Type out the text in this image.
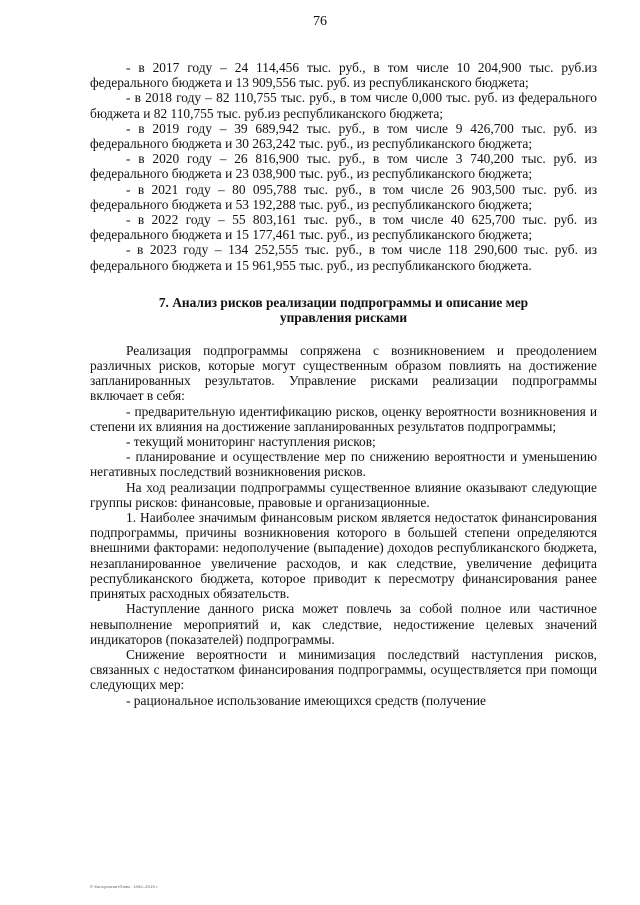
76

- в 2017 году – 24 114,456 тыс. руб., в том числе 10 204,900 тыс. руб.из федерального бюджета и 13 909,556 тыс. руб. из республиканского бюджета;

- в 2018 году – 82 110,755 тыс. руб., в том числе 0,000 тыс. руб. из федерального бюджета и 82 110,755 тыс. руб.из республиканского бюджета;

- в 2019 году – 39 689,942 тыс. руб., в том числе 9 426,700 тыс. руб. из федерального бюджета и 30 263,242 тыс. руб., из республиканского бюджета;

- в 2020 году – 26 816,900 тыс. руб., в том числе 3 740,200 тыс. руб. из федерального бюджета и 23 038,900 тыс. руб., из республиканского бюджета;

- в 2021 году – 80 095,788 тыс. руб., в том числе 26 903,500 тыс. руб. из федерального бюджета и 53 192,288 тыс. руб., из республиканского бюджета;

- в 2022 году – 55 803,161 тыс. руб., в том числе 40 625,700 тыс. руб. из федерального бюджета и 15 177,461 тыс. руб., из республиканского бюджета;

- в 2023 году – 134 252,555 тыс. руб., в том числе 118 290,600 тыс. руб. из федерального бюджета и 15 961,955 тыс. руб., из республиканского бюджета.

7. Анализ рисков реализации подпрограммы и описание мер управления рисками

Реализация подпрограммы сопряжена с возникновением и преодолением различных рисков, которые могут существенным образом повлиять на достижение запланированных результатов. Управление рисками реализации подпрограммы включает в себя:

- предварительную идентификацию рисков, оценку вероятности возникновения и степени их влияния на достижение запланированных результатов подпрограммы;

- текущий мониторинг наступления рисков;

- планирование и осуществление мер по снижению вероятности и уменьшению негативных последствий возникновения рисков.

На ход реализации подпрограммы существенное влияние оказывают следующие группы рисков: финансовые, правовые и организационные.

1. Наиболее значимым финансовым риском является недостаток финансирования подпрограммы, причины возникновения которого в большей степени определяются внешними факторами: недополучение (выпадение) доходов республиканского бюджета, незапланированное увеличение расходов, и как следствие, увеличение дефицита республиканского бюджета, которое приводит к пересмотру финансирования ранее принятых расходных обязательств.

Наступление данного риска может повлечь за собой полное или частичное невыполнение мероприятий и, как следствие, недостижение целевых значений индикаторов (показателей) подпрограммы.

Снижение вероятности и минимизация последствий наступления рисков, связанных с недостатком финансирования подпрограммы, осуществляется при помощи следующих мер:

- рациональное использование имеющихся средств (получение

© КонсультантПлюс, 1992–2019 г.
